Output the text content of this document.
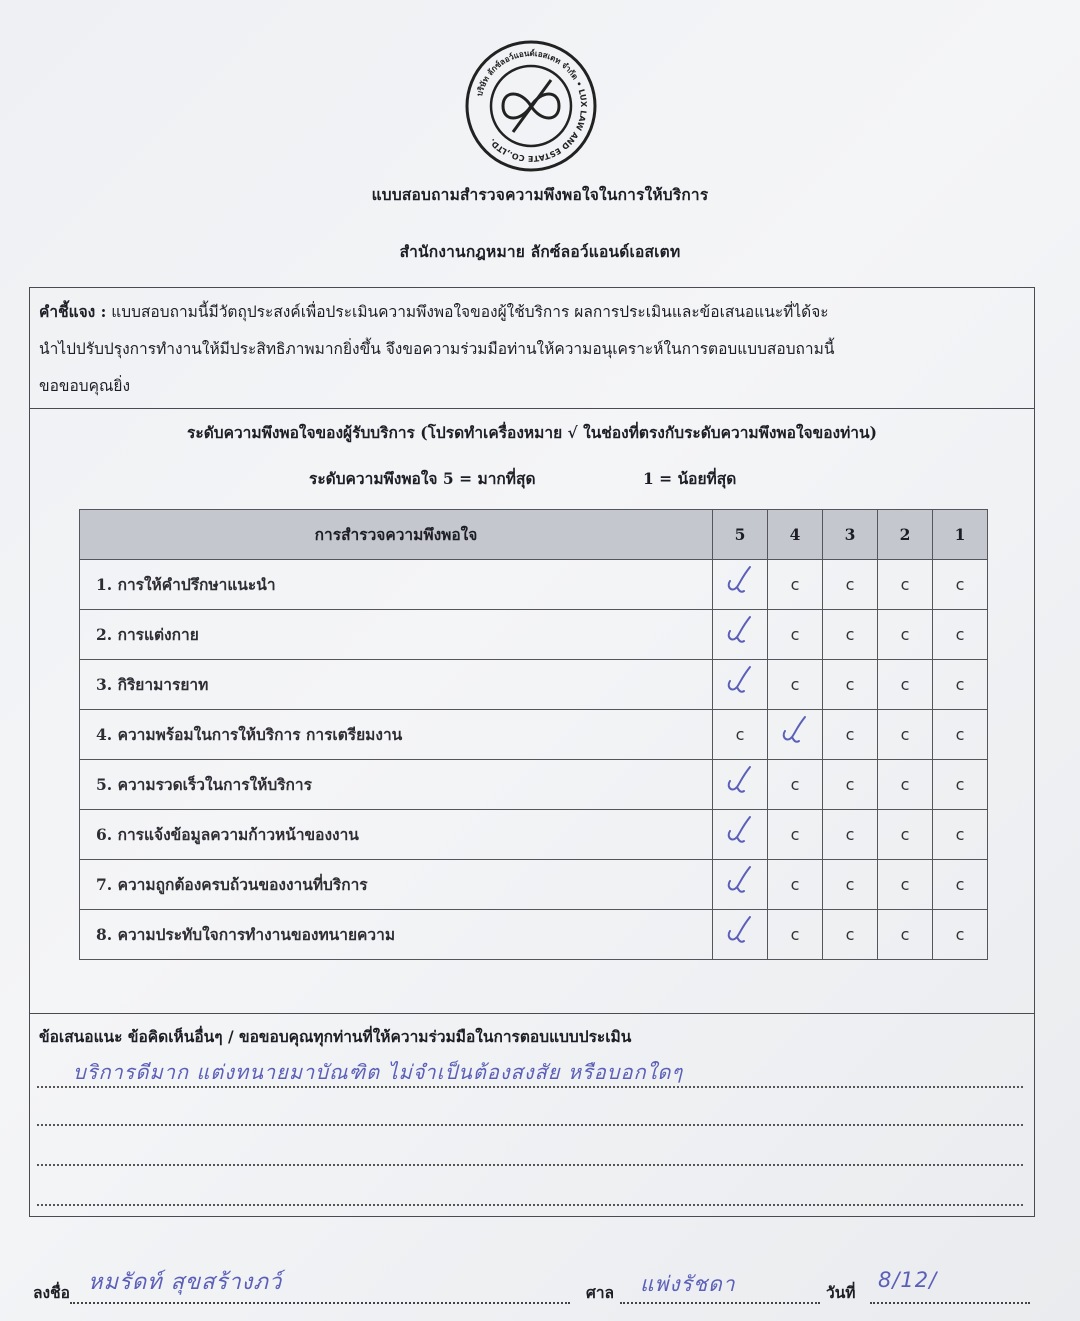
บริษัท ลักซ์ลอว์แอนด์เอสเตท จำกัด • LUX LAW AND ESTATE CO.,LTD.
แบบสอบถามสำรวจความพึงพอใจในการให้บริการ
สำนักงานกฎหมาย ลักซ์ลอว์แอนด์เอสเตท

คำชี้แจง : แบบสอบถามนี้มีวัตถุประสงค์เพื่อประเมินความพึงพอใจของผู้ใช้บริการ ผลการประเมินและข้อเสนอแนะที่ได้จะ

นำไปปรับปรุงการทำงานให้มีประสิทธิภาพมากยิ่งขึ้น จึงขอความร่วมมือท่านให้ความอนุเคราะห์ในการตอบแบบสอบถามนี้

ขอขอบคุณยิ่ง

ระดับความพึงพอใจของผู้รับบริการ (โปรดทำเครื่องหมาย √ ในช่องที่ตรงกับระดับความพึงพอใจของท่าน)
ระดับความพึงพอใจ 5 = มากที่สุด	1 = น้อยที่สุด
การสำรวจความพึงพอใจ	5	4	3	2	1
1. การให้คำปรึกษาแนะนำ		c	c	c	c
2. การแต่งกาย		c	c	c	c
3. กิริยามารยาท		c	c	c	c
4. ความพร้อมในการให้บริการ การเตรียมงาน	c		c	c	c
5. ความรวดเร็วในการให้บริการ		c	c	c	c
6. การแจ้งข้อมูลความก้าวหน้าของงาน		c	c	c	c
7. ความถูกต้องครบถ้วนของงานที่บริการ		c	c	c	c
8. ความประทับใจการทำงานของทนายความ		c	c	c	c
ข้อเสนอแนะ ข้อคิดเห็นอื่นๆ / ขอขอบคุณทุกท่านที่ให้ความร่วมมือในการตอบแบบประเมิน
บริการดีมาก แต่งทนายมาบัณฑิต ไม่จำเป็นต้องสงสัย หรือบอกใดๆ
ลงชื่อ หมรัดท์ สุขสร้างภว์	ศาล แพ่งรัชดา	วันที่
8/12/
